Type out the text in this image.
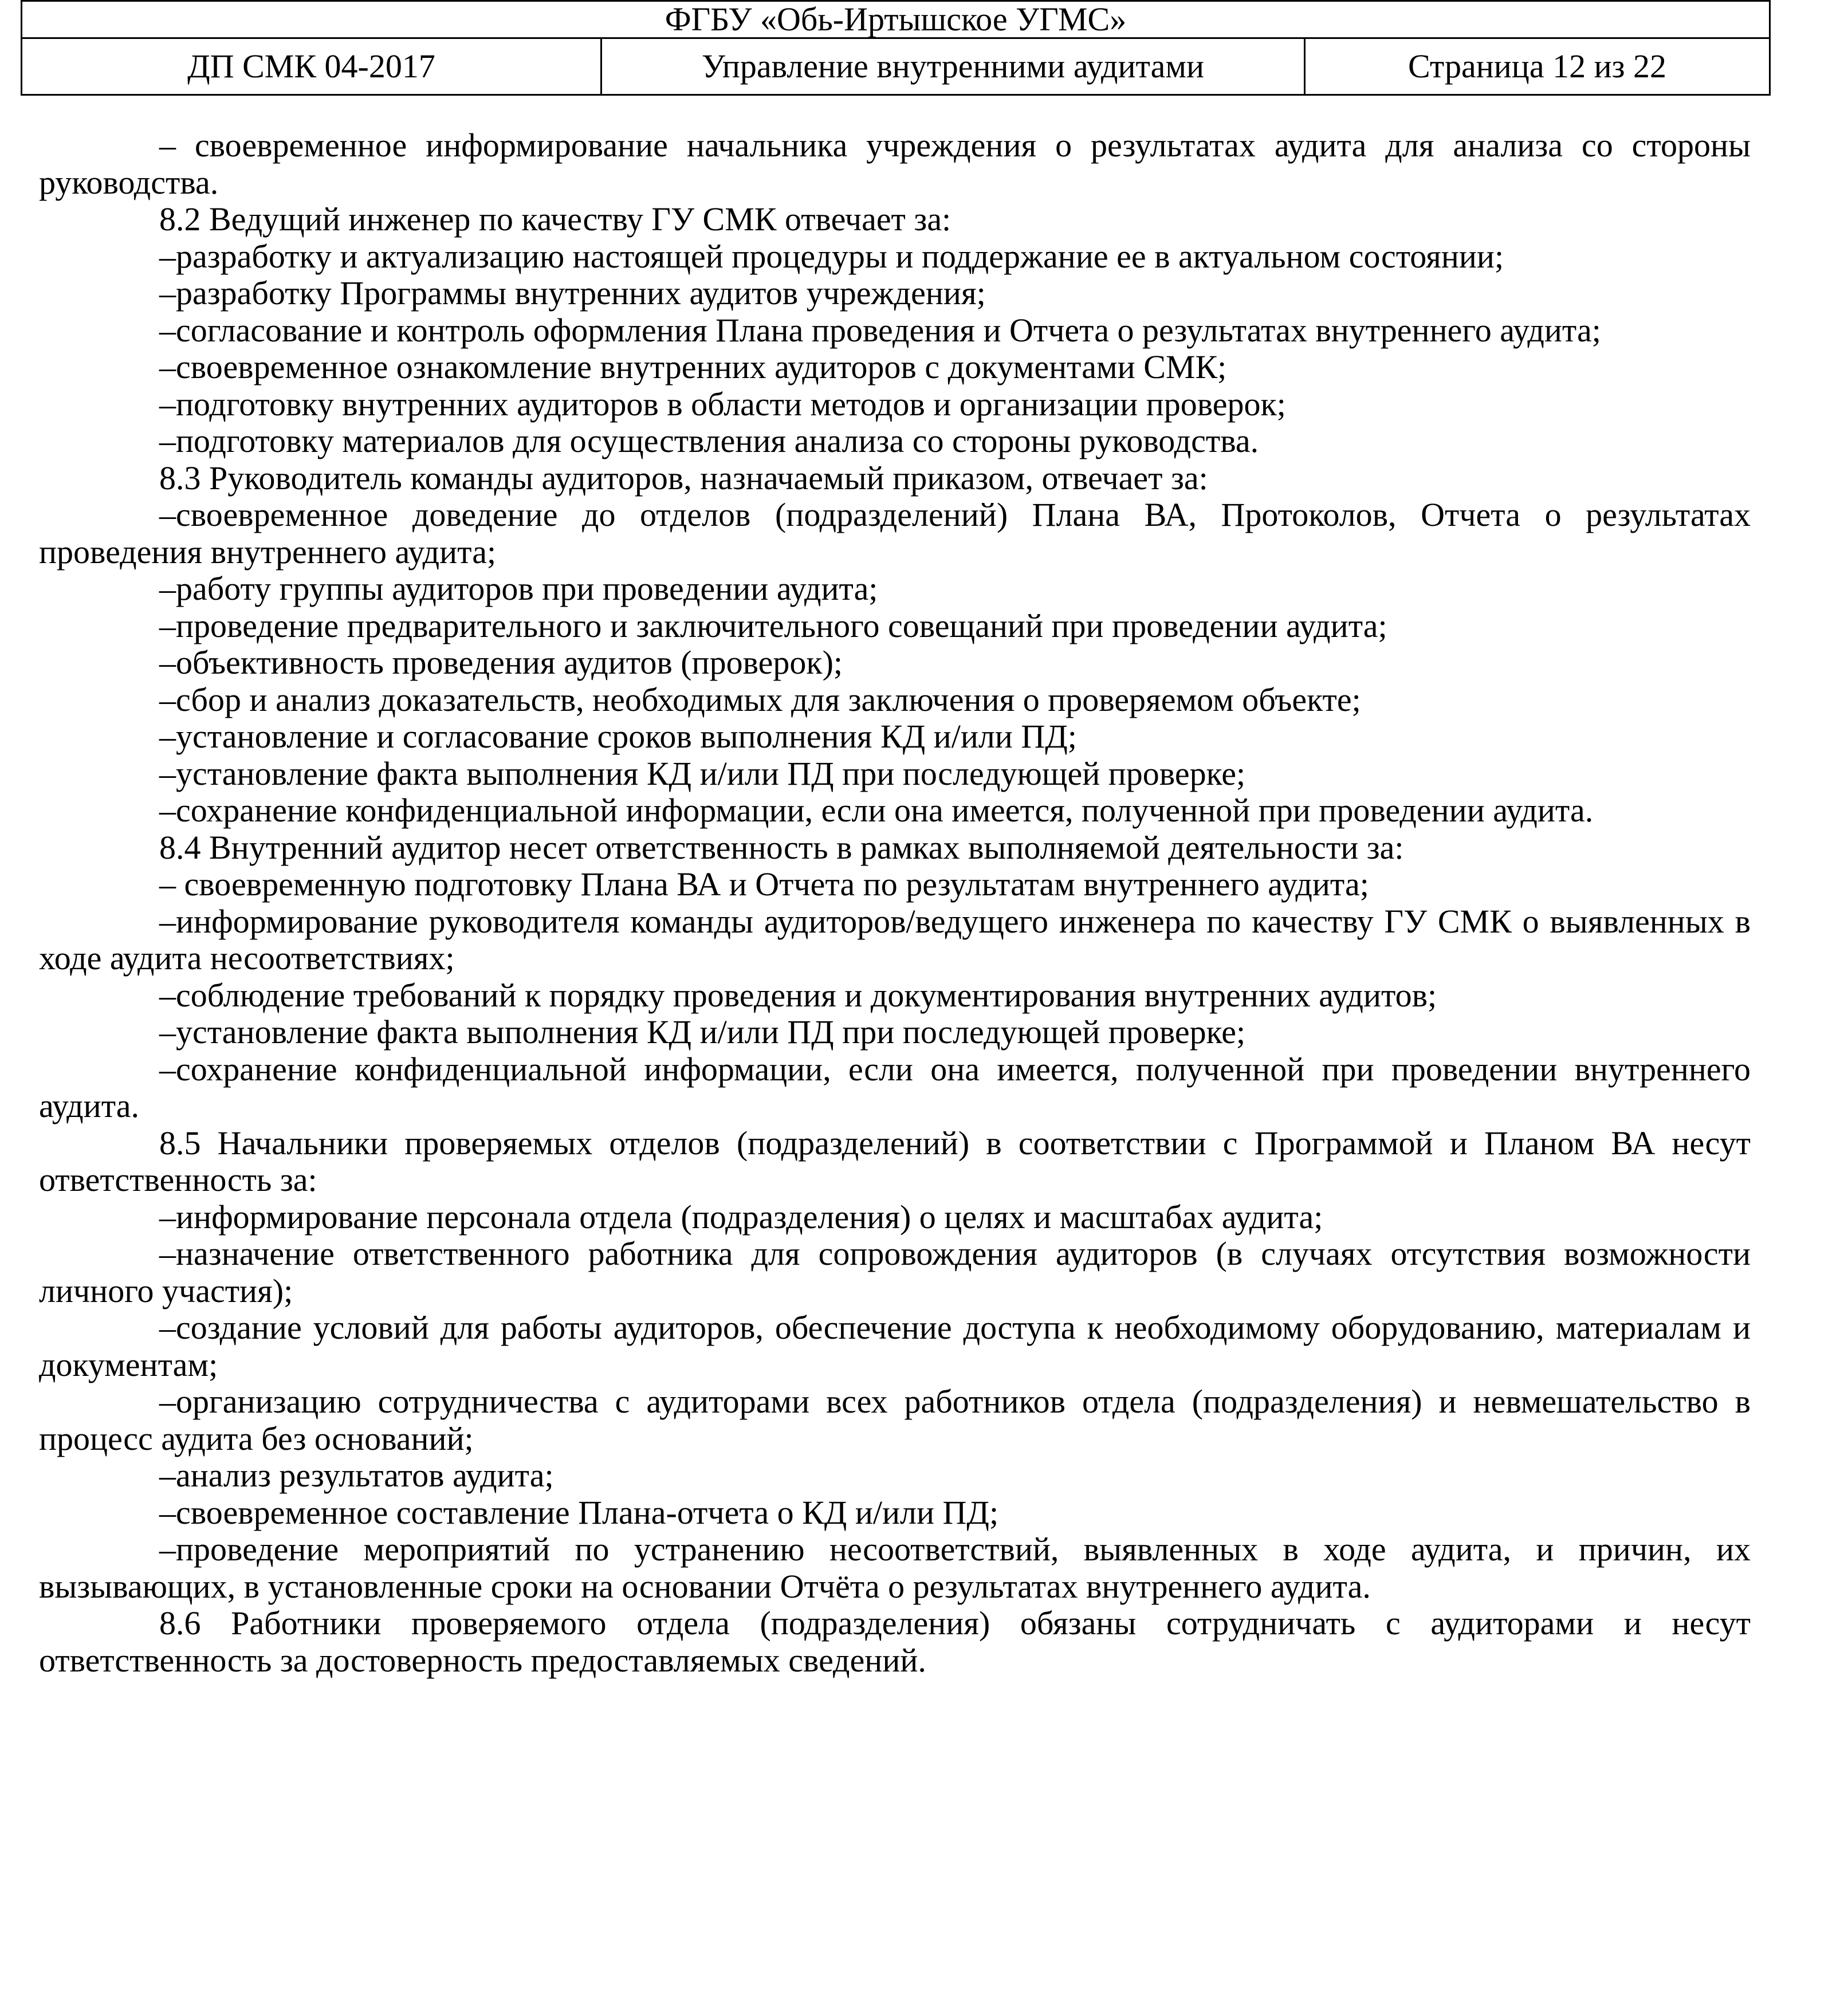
ФГБУ «Обь-Иртышское УГМС»
ДП СМК 04-2017	Управление внутренними аудитами	Страница 12 из 22

– своевременное информирование начальника учреждения о результатах аудита для анализа со стороны руководства.

8.2 Ведущий инженер по качеству ГУ СМК отвечает за:

–разработку и актуализацию настоящей процедуры и поддержание ее в актуальном состоянии;

–разработку Программы внутренних аудитов учреждения;

–согласование и контроль оформления Плана проведения и Отчета о результатах внутреннего аудита;

–своевременное ознакомление внутренних аудиторов с документами СМК;

–подготовку внутренних аудиторов в области методов и организации проверок;

–подготовку материалов для осуществления анализа со стороны руководства.

8.3 Руководитель команды аудиторов, назначаемый приказом, отвечает за:

–своевременное доведение до отделов (подразделений) Плана ВА, Протоколов, Отчета о результатах проведения внутреннего аудита;

–работу группы аудиторов при проведении аудита;

–проведение предварительного и заключительного совещаний при проведении аудита;

–объективность проведения аудитов (проверок);

–сбор и анализ доказательств, необходимых для заключения о проверяемом объекте;

–установление и согласование сроков выполнения КД и/или ПД;

–установление факта выполнения КД и/или ПД при последующей проверке;

–сохранение конфиденциальной информации, если она имеется, полученной при проведении аудита.

8.4 Внутренний аудитор несет ответственность в рамках выполняемой деятельности за:

– своевременную подготовку Плана ВА и Отчета по результатам внутреннего аудита;

–информирование руководителя команды аудиторов/ведущего инженера по качеству ГУ СМК о выявленных в ходе аудита несоответствиях;

–соблюдение требований к порядку проведения и документирования внутренних аудитов;

–установление факта выполнения КД и/или ПД при последующей проверке;

–сохранение конфиденциальной информации, если она имеется, полученной при проведении внутреннего аудита.

8.5 Начальники проверяемых отделов (подразделений) в соответствии с Программой и Планом ВА несут ответственность за:

–информирование персонала отдела (подразделения) о целях и масштабах аудита;

–назначение ответственного работника для сопровождения аудиторов (в случаях отсутствия возможности личного участия);

–создание условий для работы аудиторов, обеспечение доступа к необходимому оборудованию, материалам и документам;

–организацию сотрудничества с аудиторами всех работников отдела (подразделения) и невмешательство в процесс аудита без оснований;

–анализ результатов аудита;

–своевременное составление Плана-отчета о КД и/или ПД;

–проведение мероприятий по устранению несоответствий, выявленных в ходе аудита, и причин, их вызывающих, в установленные сроки на основании Отчёта о результатах внутреннего аудита.

8.6 Работники проверяемого отдела (подразделения) обязаны сотрудничать с аудиторами и несут ответственность за достоверность предоставляемых сведений.
